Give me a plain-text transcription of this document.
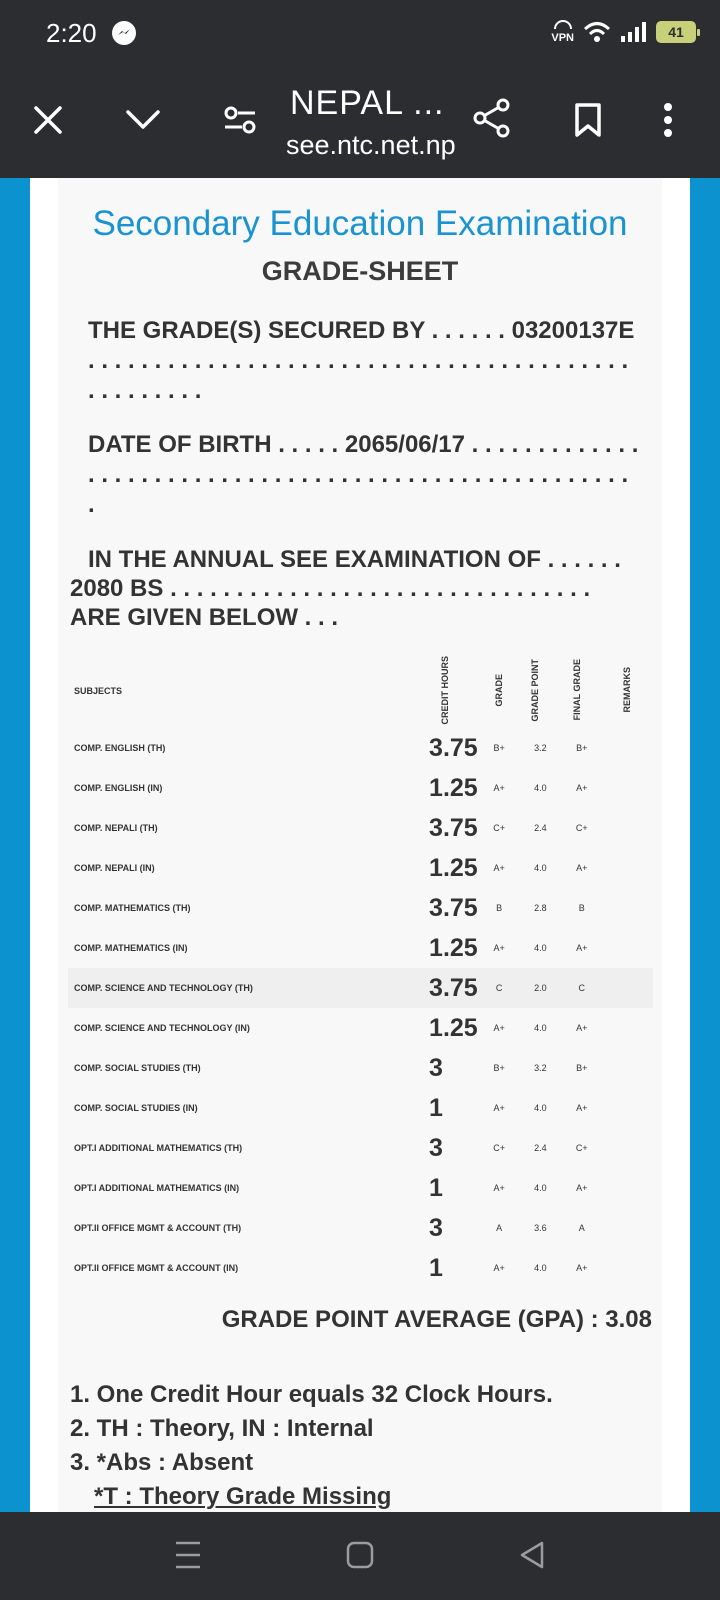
2:20	VPN	41
NEPAL ...
see.ntc.net.np
Secondary Education Examination
GRADE-SHEET
THE GRADE(S) SECURED BY . . . . . . 03200137E . . . . . . . . . . . . . . . . . . . . . . . . . . . . . . . . . . . . . . . . . . . . . . . . . .
DATE OF BIRTH . . . . . 2065/06/17 . . . . . . . . . . . . . . . . . . . . . . . . . . . . . . . . . . . . . . . . . . . . . . . . . . . . . . .
IN THE ANNUAL SEE EXAMINATION OF . . . . . .
2080 BS . . . . . . . . . . . . . . . . . . . . . . . . . . . . . . . .
ARE GIVEN BELOW . . .
SUBJECTS	CREDIT HOURS	GRADE	GRADE POINT	FINAL GRADE	REMARKS
COMP. ENGLISH (TH)	3.75	B+	3.2	B+	
COMP. ENGLISH (IN)	1.25	A+	4.0	A+	
COMP. NEPALI (TH)	3.75	C+	2.4	C+	
COMP. NEPALI (IN)	1.25	A+	4.0	A+	
COMP. MATHEMATICS (TH)	3.75	B	2.8	B	
COMP. MATHEMATICS (IN)	1.25	A+	4.0	A+	
COMP. SCIENCE AND TECHNOLOGY (TH)	3.75	C	2.0	C	
COMP. SCIENCE AND TECHNOLOGY (IN)	1.25	A+	4.0	A+	
COMP. SOCIAL STUDIES (TH)	3	B+	3.2	B+	
COMP. SOCIAL STUDIES (IN)	1	A+	4.0	A+	
OPT.I ADDITIONAL MATHEMATICS (TH)	3	C+	2.4	C+	
OPT.I ADDITIONAL MATHEMATICS (IN)	1	A+	4.0	A+	
OPT.II OFFICE MGMT & ACCOUNT (TH)	3	A	3.6	A	
OPT.II OFFICE MGMT & ACCOUNT (IN)	1	A+	4.0	A+	
GRADE POINT AVERAGE (GPA) : 3.08
1. One Credit Hour equals 32 Clock Hours.
2. TH : Theory, IN : Internal
3. *Abs : Absent
*T : Theory Grade Missing
